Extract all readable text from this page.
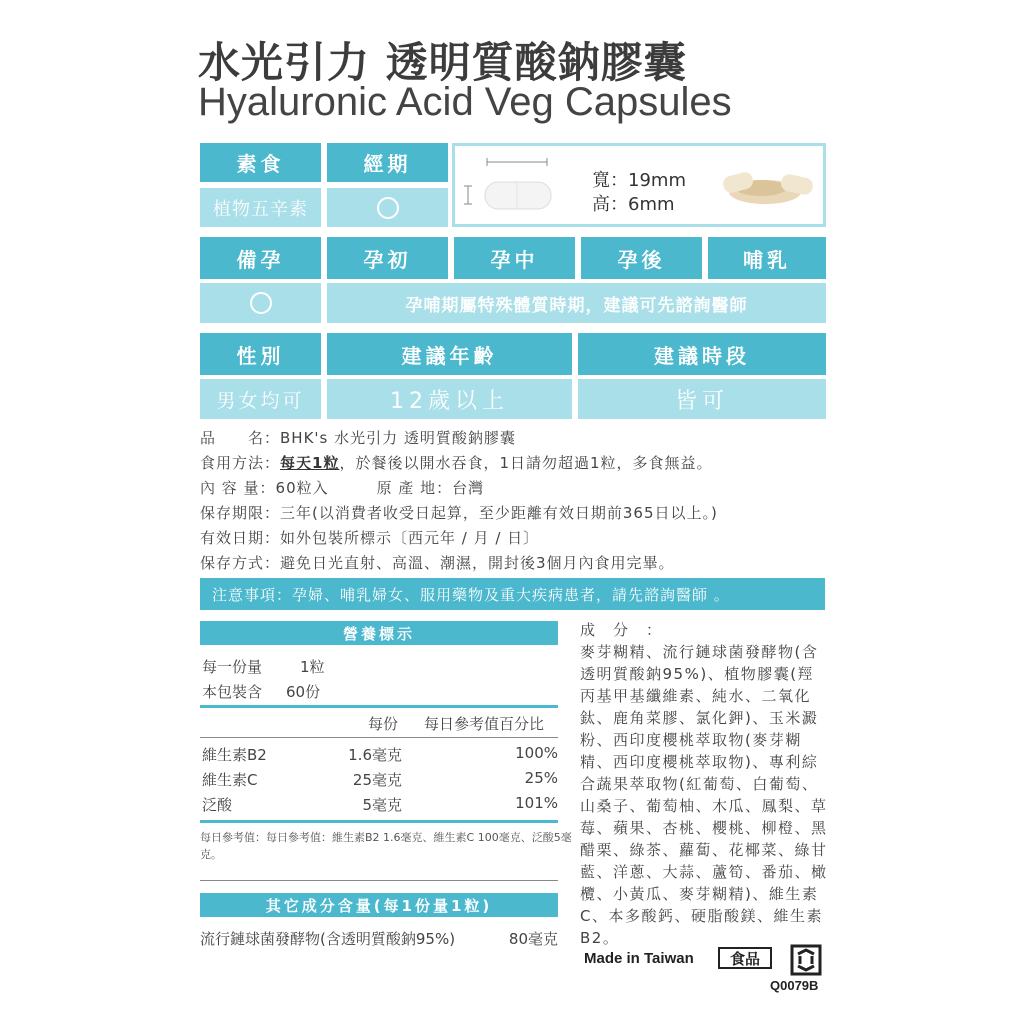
水光引力 透明質酸鈉膠囊
Hyaluronic Acid Veg Capsules
素食	經期
植物五辛素
寬：19mm
高：6mm
備孕	孕初	孕中	孕後	哺乳
孕哺期屬特殊體質時期，建議可先諮詢醫師
性別	建議年齡	建議時段
男女均可	12歲以上	皆可
品　　名：BHK's 水光引力 透明質酸鈉膠囊
食用方法：每天1粒，於餐後以開水吞食，1日請勿超過1粒，多食無益。
內 容 量：60粒入　　　原 產 地：台灣
保存期限：三年(以消費者收受日起算，至少距離有效日期前365日以上。)
有效日期：如外包裝所標示〔西元年 / 月 / 日〕
保存方式：避免日光直射、高溫、潮濕，開封後3個月內食用完畢。
注意事項：孕婦、哺乳婦女、服用藥物及重大疾病患者，請先諮詢醫師 。
營養標示
每一份量	1粒
本包裝含 60份
每份 每日參考值百分比
維生素B2	1.6毫克	100%
維生素C	25毫克	25%
泛酸	5毫克	101%
每日參考值：每日參考值：維生素B2 1.6毫克、維生素C 100毫克、泛酸5毫克。
其它成分含量(每1份量1粒)
流行鏈球菌發酵物(含透明質酸鈉95%)	80毫克
成分：
麥芽糊精、流行鏈球菌發酵物(含透明質酸鈉95%)、植物膠囊(羥丙基甲基纖維素、純水、二氧化鈦、鹿角菜膠、氯化鉀)、玉米澱粉、西印度櫻桃萃取物(麥芽糊精、西印度櫻桃萃取物)、專利綜合蔬果萃取物(紅葡萄、白葡萄、山桑子、葡萄柚、木瓜、鳳梨、草莓、蘋果、杏桃、櫻桃、柳橙、黑醋栗、綠茶、蘿蔔、花椰菜、綠甘藍、洋蔥、大蒜、蘆筍、番茄、橄欖、小黃瓜、麥芽糊精)、維生素C、本多酸鈣、硬脂酸鎂、維生素B2。
Made in Taiwan	食品
Q0079B
